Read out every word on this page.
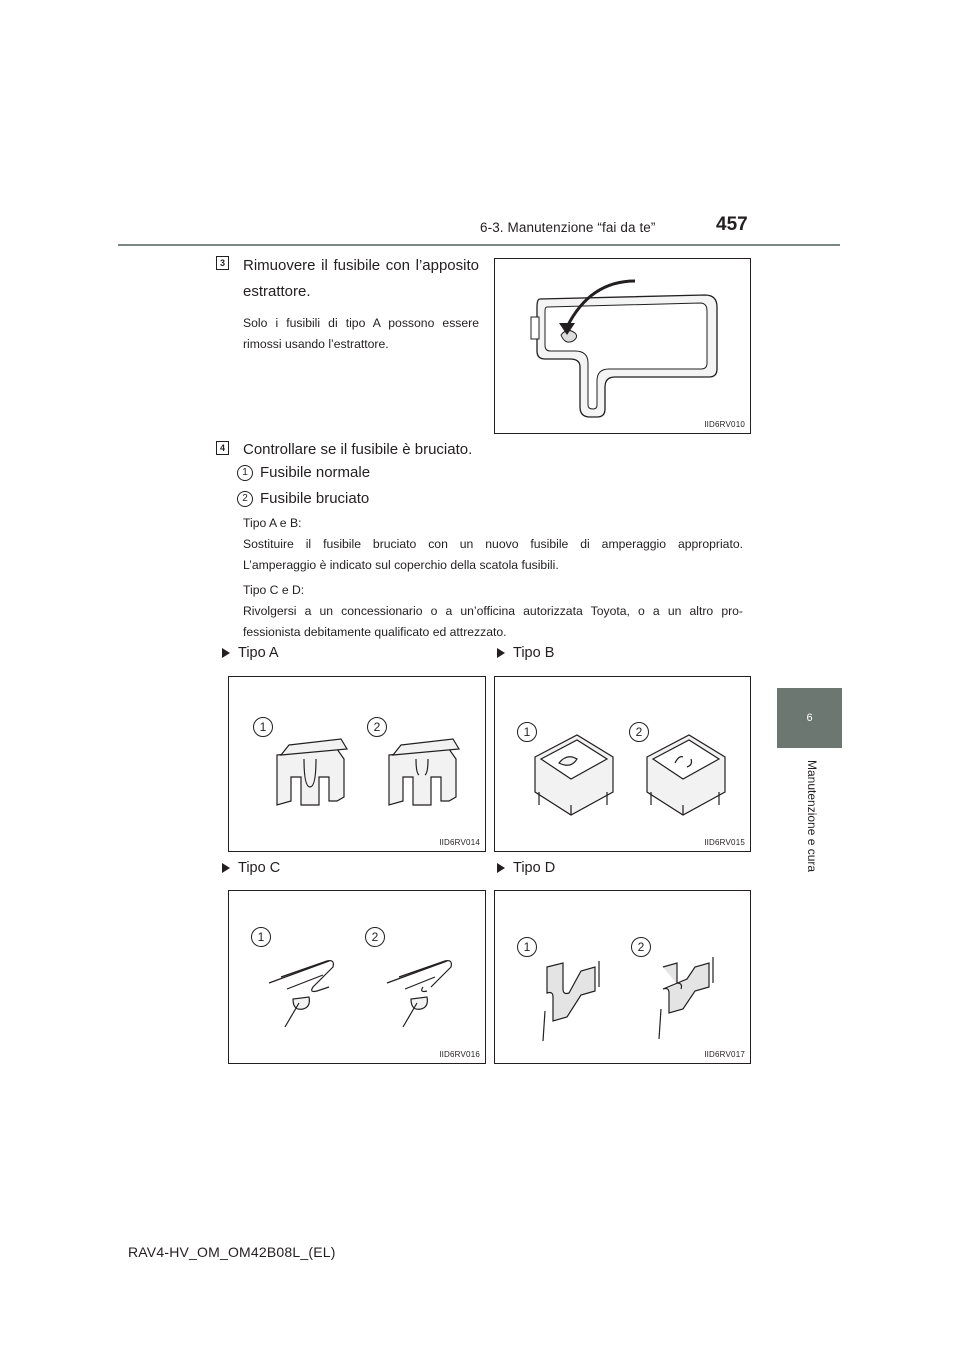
6-3. Manutenzione “fai da te”	457
6
Manutenzione e cura
3 Rimuovere il fusibile con l’apposito
estrattore.
Solo i fusibili di tipo A possono essere
rimossi usando l’estrattore.
IID6RV010
4 Controllare se il fusibile è bruciato.
1 Fusibile normale
2 Fusibile bruciato
Tipo A e B:
Sostituire il fusibile bruciato con un nuovo fusibile di amperaggio appropriato.
L’amperaggio è indicato sul coperchio della scatola fusibili.
Tipo C e D:
Rivolgersi a un concessionario o a un’officina autorizzata Toyota, o a un altro pro-
fessionista debitamente qualificato ed attrezzato.
Tipo A	Tipo B
Tipo C	Tipo D
1	2
IID6RV014
1	2
IID6RV015
1	2
IID6RV016
1	2
IID6RV017
RAV4-HV_OM_OM42B08L_(EL)
